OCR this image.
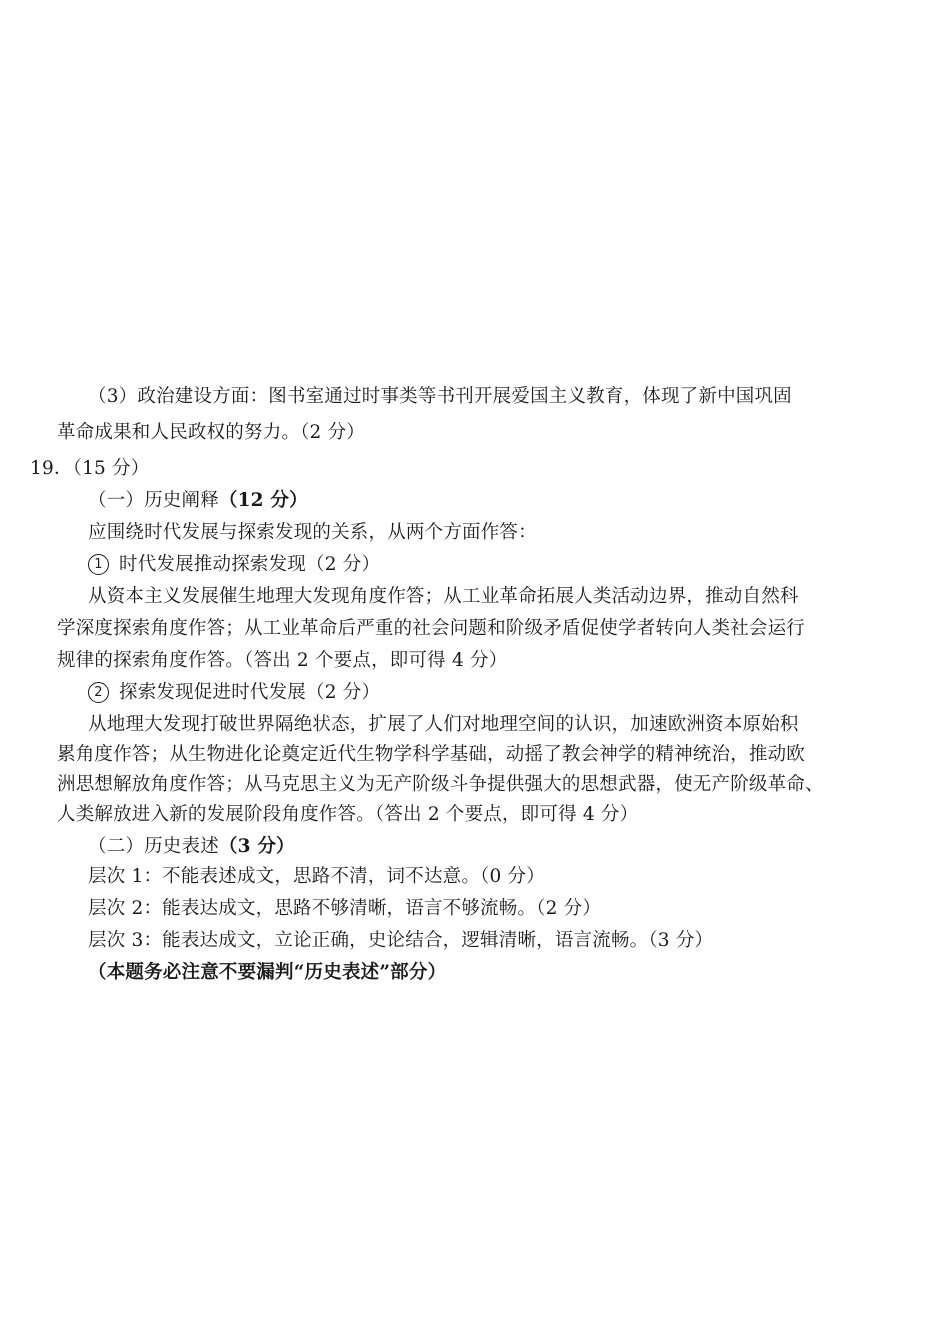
（3）政治建设方面：图书室通过时事类等书刊开展爱国主义教育，体现了新中国巩固
革命成果和人民政权的努力。（2 分）
19．（15 分）
（一）历史阐释（12 分）
应围绕时代发展与探索发现的关系，从两个方面作答：
1 时代发展推动探索发现（2 分）
从资本主义发展催生地理大发现角度作答；从工业革命拓展人类活动边界，推动自然科
学深度探索角度作答；从工业革命后严重的社会问题和阶级矛盾促使学者转向人类社会运行
规律的探索角度作答。（答出 2 个要点，即可得 4 分）
2 探索发现促进时代发展（2 分）
从地理大发现打破世界隔绝状态，扩展了人们对地理空间的认识，加速欧洲资本原始积
累角度作答；从生物进化论奠定近代生物学科学基础，动摇了教会神学的精神统治，推动欧
洲思想解放角度作答；从马克思主义为无产阶级斗争提供强大的思想武器，使无产阶级革命、
人类解放进入新的发展阶段角度作答。（答出 2 个要点，即可得 4 分）
（二）历史表述（3 分）
层次 1：不能表述成文，思路不清，词不达意。（0 分）
层次 2：能表达成文，思路不够清晰，语言不够流畅。（2 分）
层次 3：能表达成文，立论正确，史论结合，逻辑清晰，语言流畅。（3 分）
（本题务必注意不要漏判“历史表述”部分）
